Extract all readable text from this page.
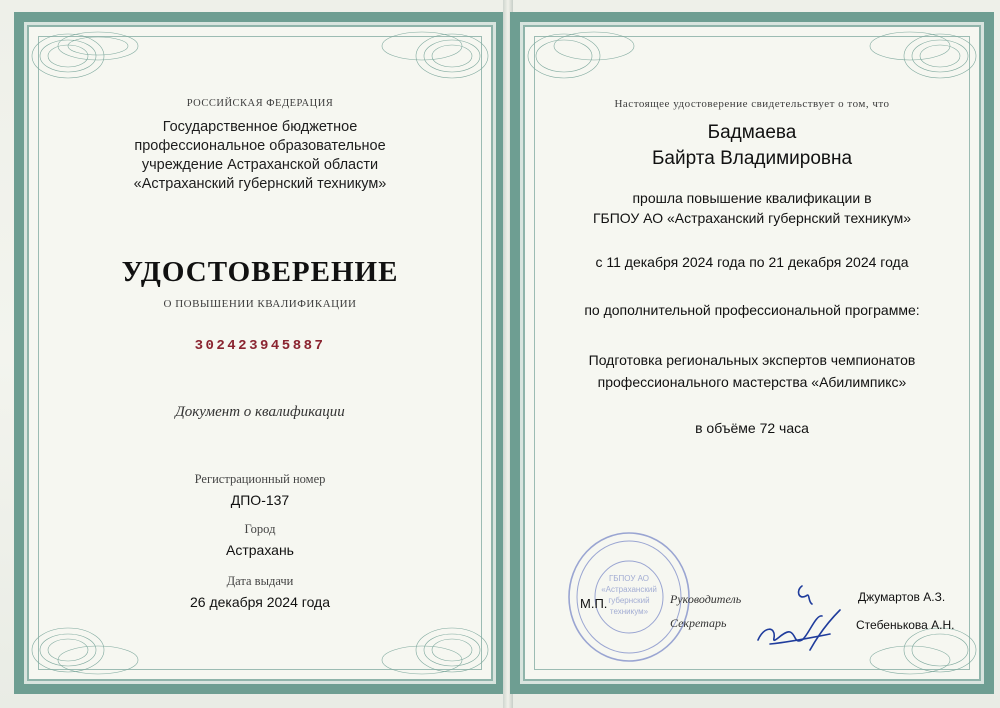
РОССИЙСКАЯ ФЕДЕРАЦИЯ
Государственное бюджетное
профессиональное образовательное
учреждение Астраханской области
«Астраханский губернский техникум»
УДОСТОВЕРЕНИЕ
О ПОВЫШЕНИИ КВАЛИФИКАЦИИ
302423945887
Документ о квалификации
Регистрационный номер
ДПО-137
Город
Астрахань
Дата выдачи
26 декабря 2024 года
Настоящее удостоверение свидетельствует о том, что
Бадмаева
Байрта Владимировна
прошла повышение квалификации в
ГБПОУ АО «Астраханский губернский техникум»
с 11 декабря 2024 года по 21 декабря 2024 года
по дополнительной профессиональной программе:
Подготовка региональных экспертов чемпионатов
профессионального мастерства «Абилимпикс»
в объёме 72 часа
ГБПОУ АО
«Астраханский
губернский
техникум»
М.П.	Руководитель
Секретарь
Джумартов А.З.
Стебенькова А.Н.
